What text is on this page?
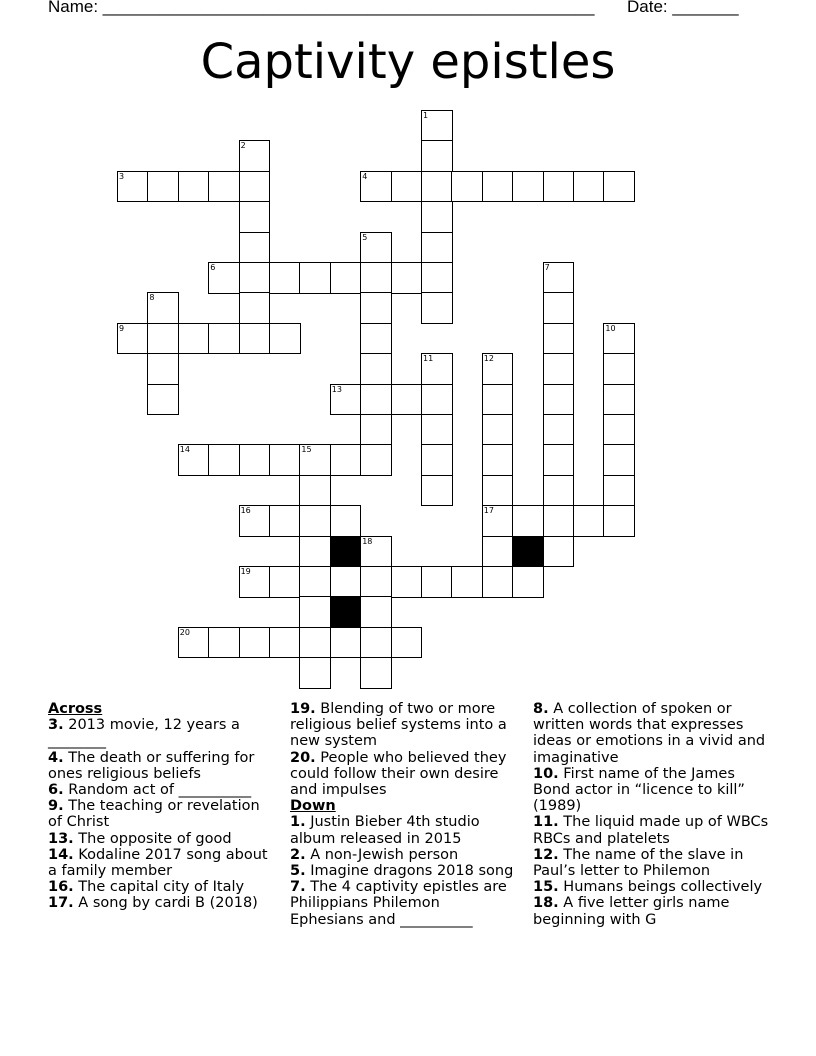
Name: ____________________________________________________ Date: _______
Captivity epistles
1
2
3	4
5
6	7
8
9	10
11	12
13
14	15
16	17
18
19
20
Across
3. 2013 movie, 12 years a ________
4. The death or suffering for ones religious beliefs
6. Random act of __________
9. The teaching or revelation of Christ
13. The opposite of good
14. Kodaline 2017 song about a family member
16. The capital city of Italy
17. A song by cardi B (2018)
19. Blending of two or more religious belief systems into a new system
20. People who believed they could follow their own desire and impulses
Down
1. Justin Bieber 4th studio album released in 2015
2. A non-Jewish person
5. Imagine dragons 2018 song
7. The 4 captivity epistles are Philippians Philemon Ephesians and __________
8. A collection of spoken or written words that expresses ideas or emotions in a vivid and imaginative
10. First name of the James Bond actor in “licence to kill” (1989)
11. The liquid made up of WBCs RBCs and platelets
12. The name of the slave in Paul’s letter to Philemon
15. Humans beings collectively
18. A five letter girls name beginning with G
